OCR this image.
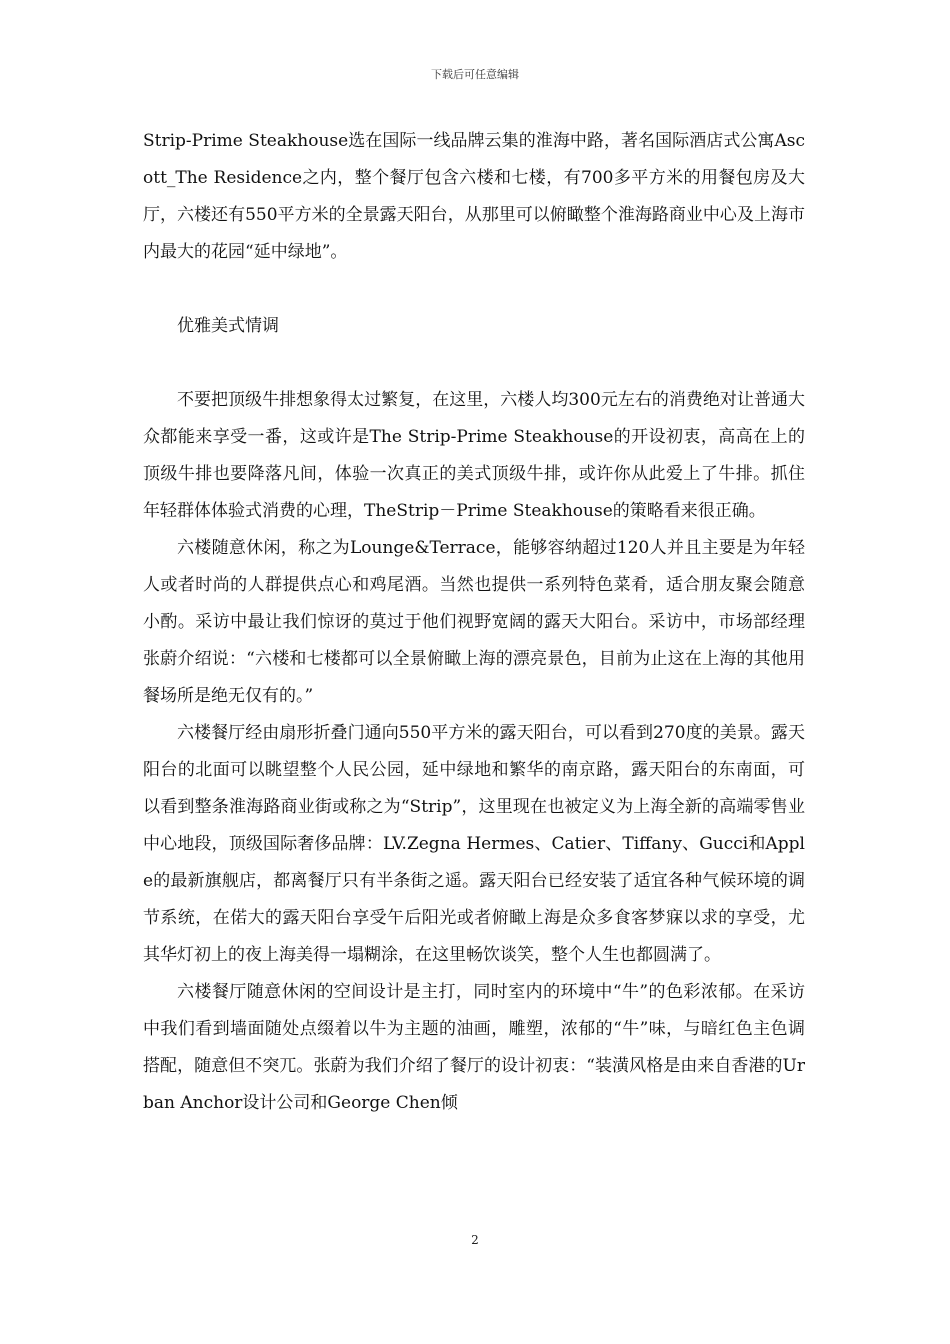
下载后可任意编辑

Strip-Prime Steakhouse选在国际一线品牌云集的淮海中路，著名国际酒店式公寓Ascott_The Residence之内，整个餐厅包含六楼和七楼，有700多平方米的用餐包房及大厅，六楼还有550平方米的全景露天阳台，从那里可以俯瞰整个淮海路商业中心及上海市内最大的花园“延中绿地”。

优雅美式情调

不要把顶级牛排想象得太过繁复，在这里，六楼人均300元左右的消费绝对让普通大众都能来享受一番，这或许是The Strip-Prime Steakhouse的开设初衷，高高在上的顶级牛排也要降落凡间，体验一次真正的美式顶级牛排，或许你从此爱上了牛排。抓住年轻群体体验式消费的心理，TheStrip－Prime Steakhouse的策略看来很正确。

六楼随意休闲，称之为Lounge&Terrace，能够容纳超过120人并且主要是为年轻人或者时尚的人群提供点心和鸡尾酒。当然也提供一系列特色菜肴，适合朋友聚会随意小酌。采访中最让我们惊讶的莫过于他们视野宽阔的露天大阳台。采访中，市场部经理张蔚介绍说：“六楼和七楼都可以全景俯瞰上海的漂亮景色，目前为止这在上海的其他用餐场所是绝无仅有的。”

六楼餐厅经由扇形折叠门通向550平方米的露天阳台，可以看到270度的美景。露天阳台的北面可以眺望整个人民公园，延中绿地和繁华的南京路，露天阳台的东南面，可以看到整条淮海路商业街或称之为“Strip”，这里现在也被定义为上海全新的高端零售业中心地段，顶级国际奢侈品牌：LV.Zegna Hermes、Catier、Tiffany、Gucci和Apple的最新旗舰店，都离餐厅只有半条街之遥。露天阳台已经安装了适宜各种气候环境的调节系统，在偌大的露天阳台享受午后阳光或者俯瞰上海是众多食客梦寐以求的享受，尤其华灯初上的夜上海美得一塌糊涂，在这里畅饮谈笑，整个人生也都圆满了。

六楼餐厅随意休闲的空间设计是主打，同时室内的环境中“牛”的色彩浓郁。在采访中我们看到墙面随处点缀着以牛为主题的油画，雕塑，浓郁的“牛”味，与暗红色主色调搭配，随意但不突兀。张蔚为我们介绍了餐厅的设计初衷：“装潢风格是由来自香港的Urban Anchor设计公司和George Chen倾

2
